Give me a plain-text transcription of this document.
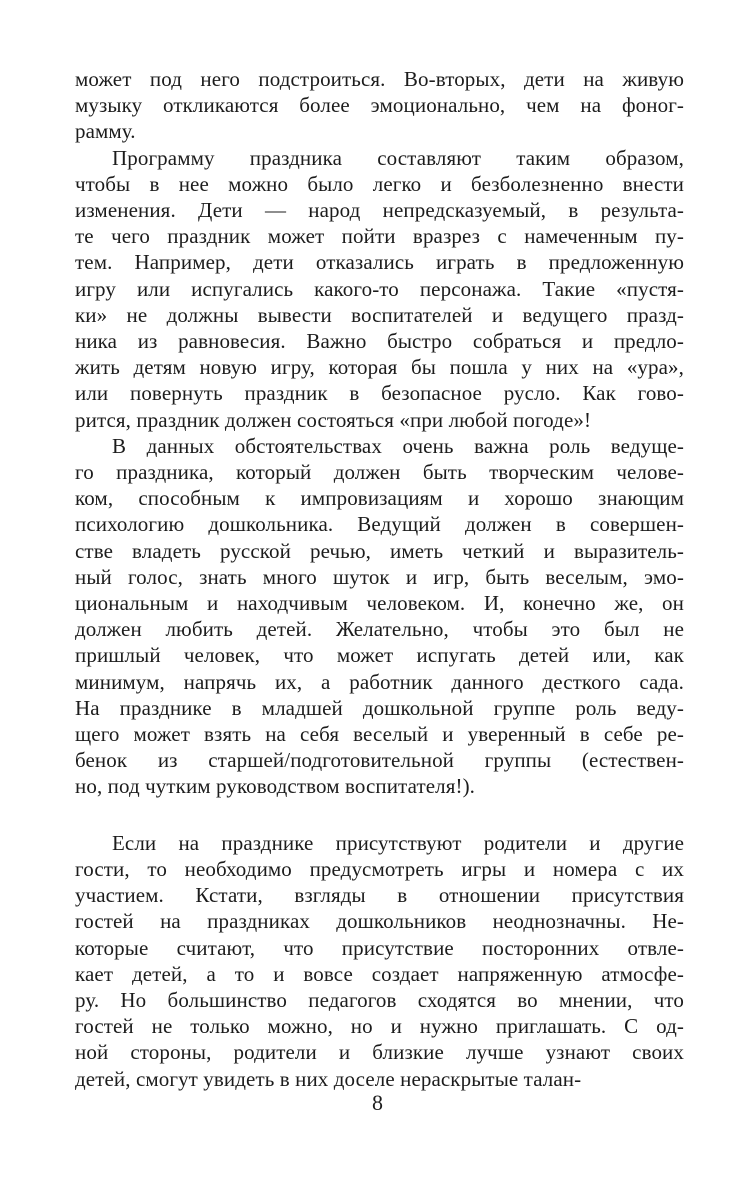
может под него подстроиться. Во-вторых, дети на живую
музыку откликаются более эмоционально, чем на фоног-
рамму.
Программу праздника составляют таким образом,
чтобы в нее можно было легко и безболезненно внести
изменения. Дети — народ непредсказуемый, в результа-
те чего праздник может пойти вразрез с намеченным пу-
тем. Например, дети отказались играть в предложенную
игру или испугались какого-то персонажа. Такие «пустя-
ки» не должны вывести воспитателей и ведущего празд-
ника из равновесия. Важно быстро собраться и предло-
жить детям новую игру, которая бы пошла у них на «ура»,
или повернуть праздник в безопасное русло. Как гово-
рится, праздник должен состояться «при любой погоде»!
В данных обстоятельствах очень важна роль ведуще-
го праздника, который должен быть творческим челове-
ком, способным к импровизациям и хорошо знающим
психологию дошкольника. Ведущий должен в совершен-
стве владеть русской речью, иметь четкий и выразитель-
ный голос, знать много шуток и игр, быть веселым, эмо-
циональным и находчивым человеком. И, конечно же, он
должен любить детей. Желательно, чтобы это был не
пришлый человек, что может испугать детей или, как
минимум, напрячь их, а работник данного десткого сада.
На празднике в младшей дошкольной группе роль веду-
щего может взять на себя веселый и уверенный в себе ре-
бенок из старшей/подготовительной группы (естествен-
но, под чутким руководством воспитателя!).
Если на празднике присутствуют родители и другие
гости, то необходимо предусмотреть игры и номера с их
участием. Кстати, взгляды в отношении присутствия
гостей на праздниках дошкольников неоднозначны. Не-
которые считают, что присутствие посторонних отвле-
кает детей, а то и вовсе создает напряженную атмосфе-
ру. Но большинство педагогов сходятся во мнении, что
гостей не только можно, но и нужно приглашать. С од-
ной стороны, родители и близкие лучше узнают своих
детей, смогут увидеть в них доселе нераскрытые талан-
8
